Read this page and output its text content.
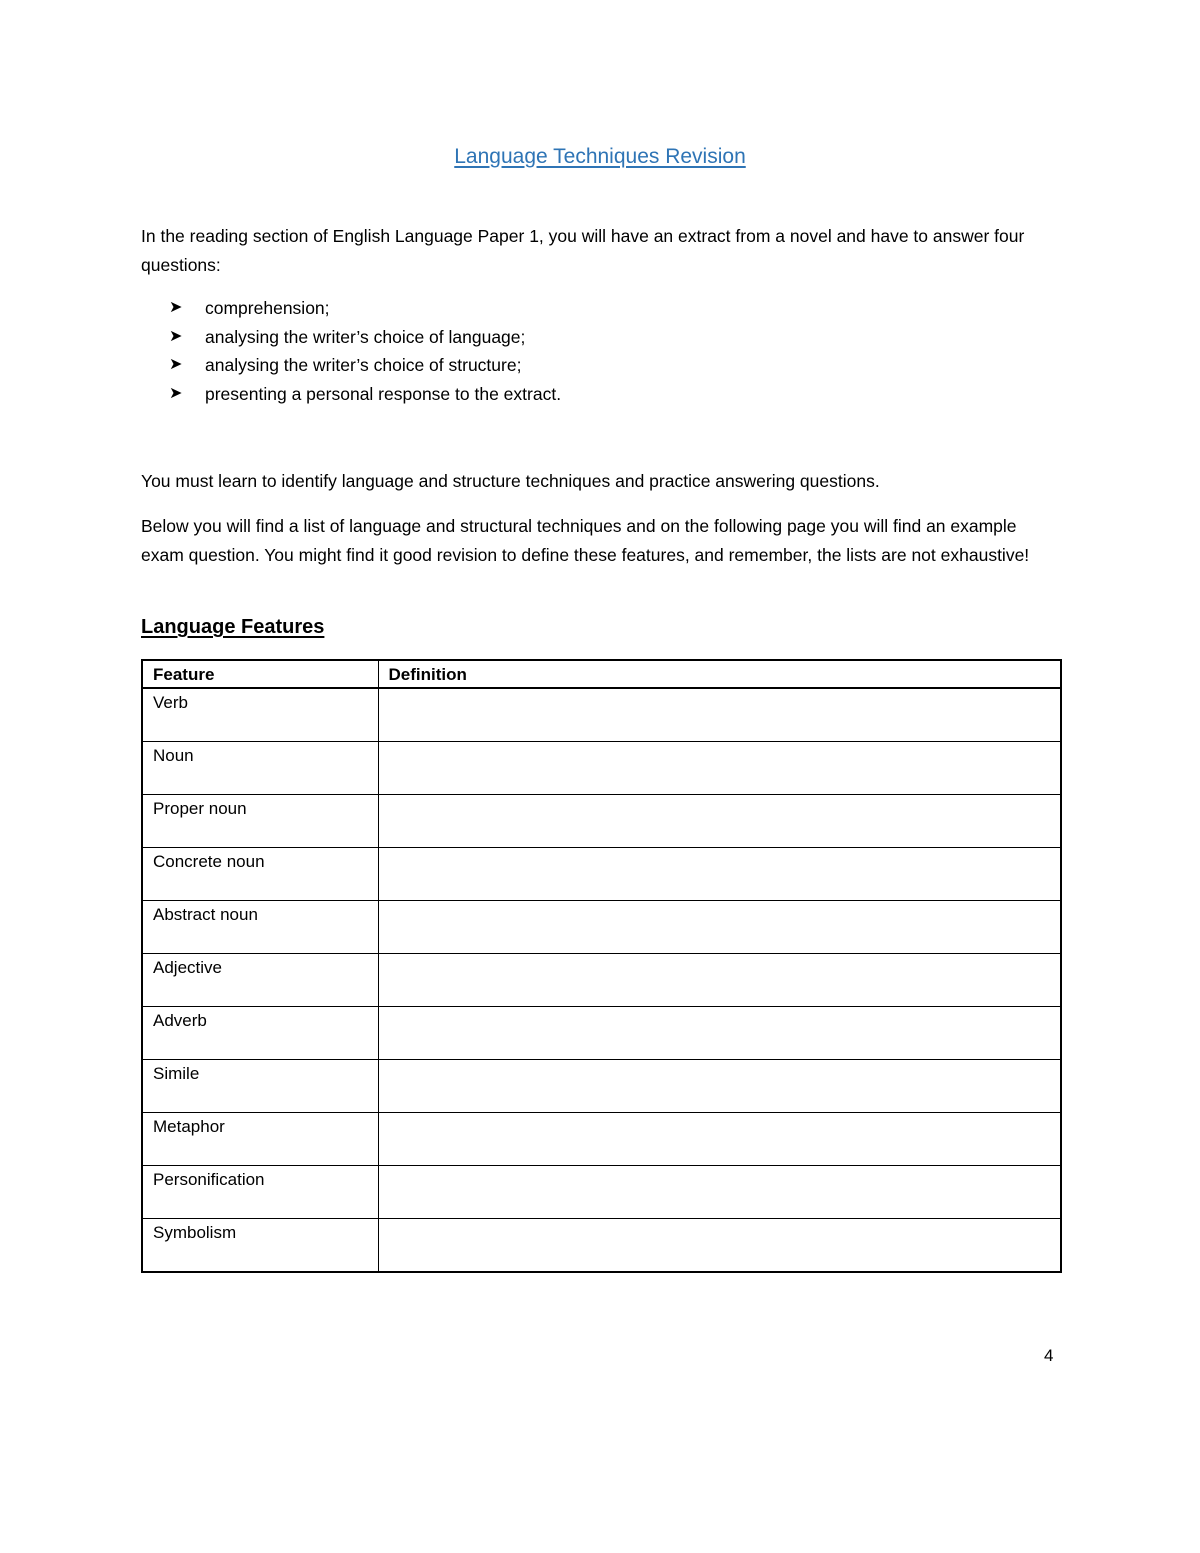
Language Techniques Revision

In the reading section of English Language Paper 1, you will have an extract from a novel and have to answer four questions:

➤ comprehension;
➤ analysing the writer’s choice of language;
➤ analysing the writer’s choice of structure;
➤ presenting a personal response to the extract.

You must learn to identify language and structure techniques and practice answering questions.

Below you will find a list of language and structural techniques and on the following page you will find an example exam question. You might find it good revision to define these features, and remember, the lists are not exhaustive!

Language Features
Feature	Definition
Verb	
Noun	
Proper noun	
Concrete noun	
Abstract noun	
Adjective	
Adverb	
Simile	
Metaphor	
Personification	
Symbolism	
4
